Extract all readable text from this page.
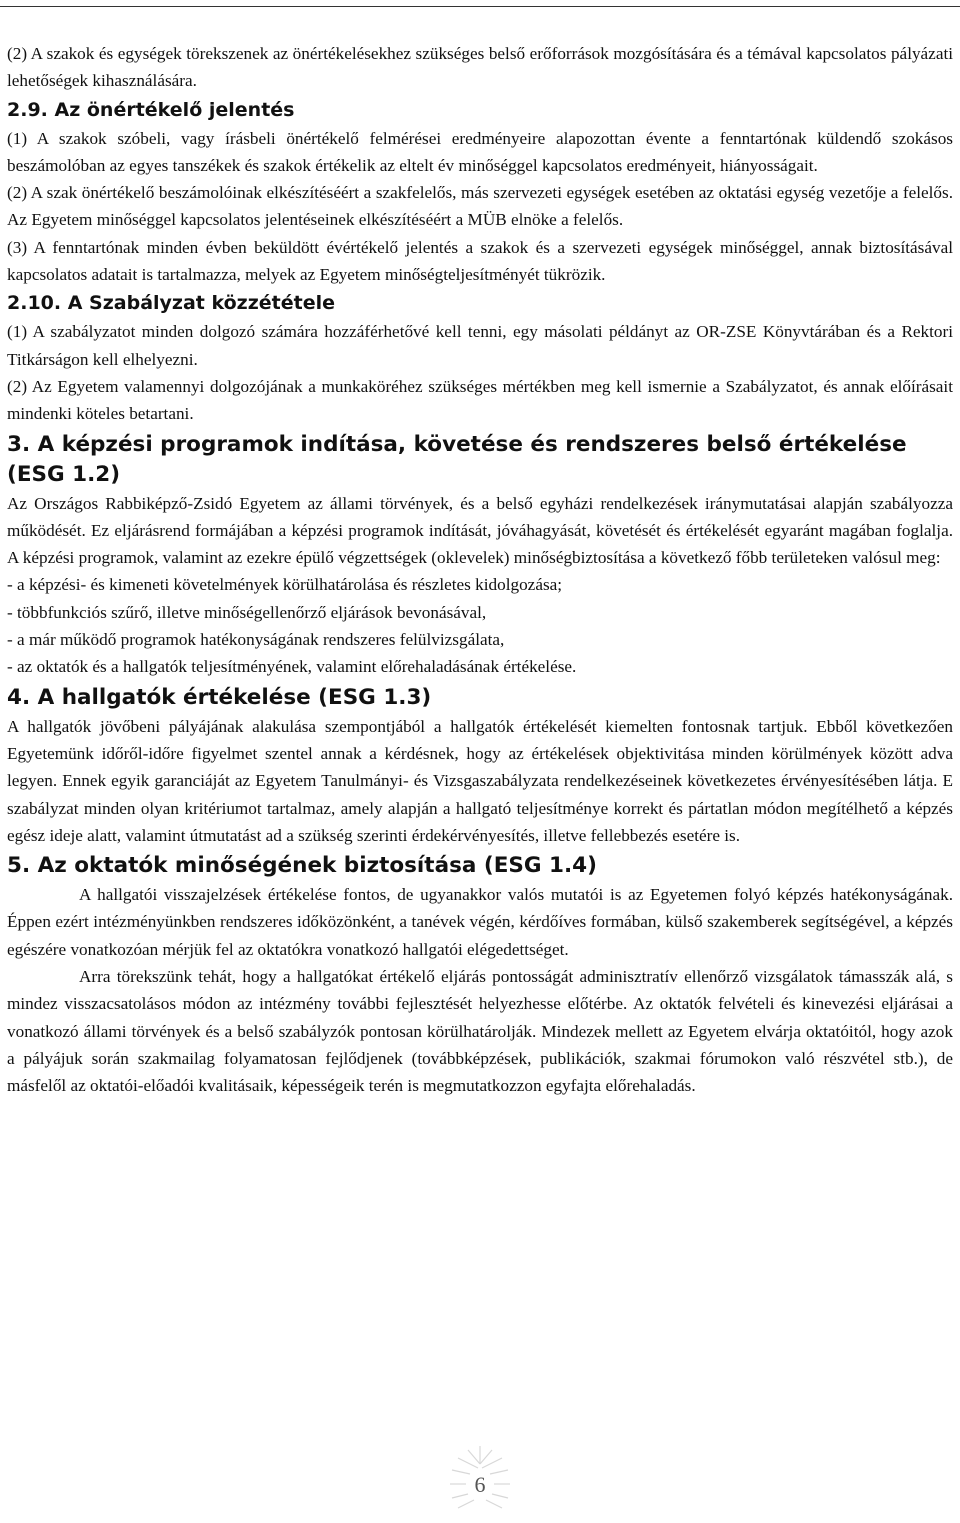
(2) A szakok és egységek törekszenek az önértékelésekhez szükséges belső erőforrások mozgósítására és a témával kapcsolatos pályázati lehetőségek kihasználására.

2.9. Az önértékelő jelentés

(1) A szakok szóbeli, vagy írásbeli önértékelő felmérései eredményeire alapozottan évente a fenntartónak küldendő szokásos beszámolóban az egyes tanszékek és szakok értékelik az eltelt év minőséggel kapcsolatos eredményeit, hiányosságait.

(2) A szak önértékelő beszámolóinak elkészítéséért a szakfelelős, más szervezeti egységek esetében az oktatási egység vezetője a felelős. Az Egyetem minőséggel kapcsolatos jelentéseinek elkészítéséért a MÜB elnöke a felelős.

(3) A fenntartónak minden évben beküldött évértékelő jelentés a szakok és a szervezeti egységek minőséggel, annak biztosításával kapcsolatos adatait is tartalmazza, melyek az Egyetem minőségteljesítményét tükrözik.

2.10. A Szabályzat közzététele

(1) A szabályzatot minden dolgozó számára hozzáférhetővé kell tenni, egy másolati példányt az OR-ZSE Könyvtárában és a Rektori Titkárságon kell elhelyezni.

(2) Az Egyetem valamennyi dolgozójának a munkaköréhez szükséges mértékben meg kell ismernie a Szabályzatot, és annak előírásait mindenki köteles betartani.

3. A képzési programok indítása, követése és rendszeres belső értékelése (ESG 1.2)

Az Országos Rabbiképző-Zsidó Egyetem az állami törvények, és a belső egyházi rendelkezések iránymutatásai alapján szabályozza működését. Ez eljárásrend formájában a képzési programok indítását, jóváhagyását, követését és értékelését egyaránt magában foglalja. A képzési programok, valamint az ezekre épülő végzettségek (oklevelek) minőségbiztosítása a következő főbb területeken valósul meg:

- a képzési- és kimeneti követelmények körülhatárolása és részletes kidolgozása;

- többfunkciós szűrő, illetve minőségellenőrző eljárások bevonásával,

- a már működő programok hatékonyságának rendszeres felülvizsgálata,

- az oktatók és a hallgatók teljesítményének, valamint előrehaladásának értékelése.

4. A hallgatók értékelése (ESG 1.3)

A hallgatók jövőbeni pályájának alakulása szempontjából a hallgatók értékelését kiemelten fontosnak tartjuk. Ebből következően Egyetemünk időről-időre figyelmet szentel annak a kérdésnek, hogy az értékelések objektivitása minden körülmények között adva legyen. Ennek egyik garanciáját az Egyetem Tanulmányi- és Vizsgaszabályzata rendelkezéseinek következetes érvényesítésében látja. E szabályzat minden olyan kritériumot tartalmaz, amely alapján a hallgató teljesítménye korrekt és pártatlan módon megítélhető a képzés egész ideje alatt, valamint útmutatást ad a szükség szerinti érdekérvényesítés, illetve fellebbezés esetére is.

5. Az oktatók minőségének biztosítása (ESG 1.4)

A hallgatói visszajelzések értékelése fontos, de ugyanakkor valós mutatói is az Egyetemen folyó képzés hatékonyságának. Éppen ezért intézményünkben rendszeres időközönként, a tanévek végén, kérdőíves formában, külső szakemberek segítségével, a képzés egészére vonatkozóan mérjük fel az oktatókra vonatkozó hallgatói elégedettséget.

Arra törekszünk tehát, hogy a hallgatókat értékelő eljárás pontosságát adminisztratív ellenőrző vizsgálatok támasszák alá, s mindez visszacsatolásos módon az intézmény további fejlesztését helyezhesse előtérbe. Az oktatók felvételi és kinevezési eljárásai a vonatkozó állami törvények és a belső szabályzók pontosan körülhatárolják. Mindezek mellett az Egyetem elvárja oktatóitól, hogy azok a pályájuk során szakmailag folyamatosan fejlődjenek (továbbképzések, publikációk, szakmai fórumokon való részvétel stb.), de másfelől az oktatói-előadói kvalitásaik, képességeik terén is megmutatkozzon egyfajta előrehaladás.

6
